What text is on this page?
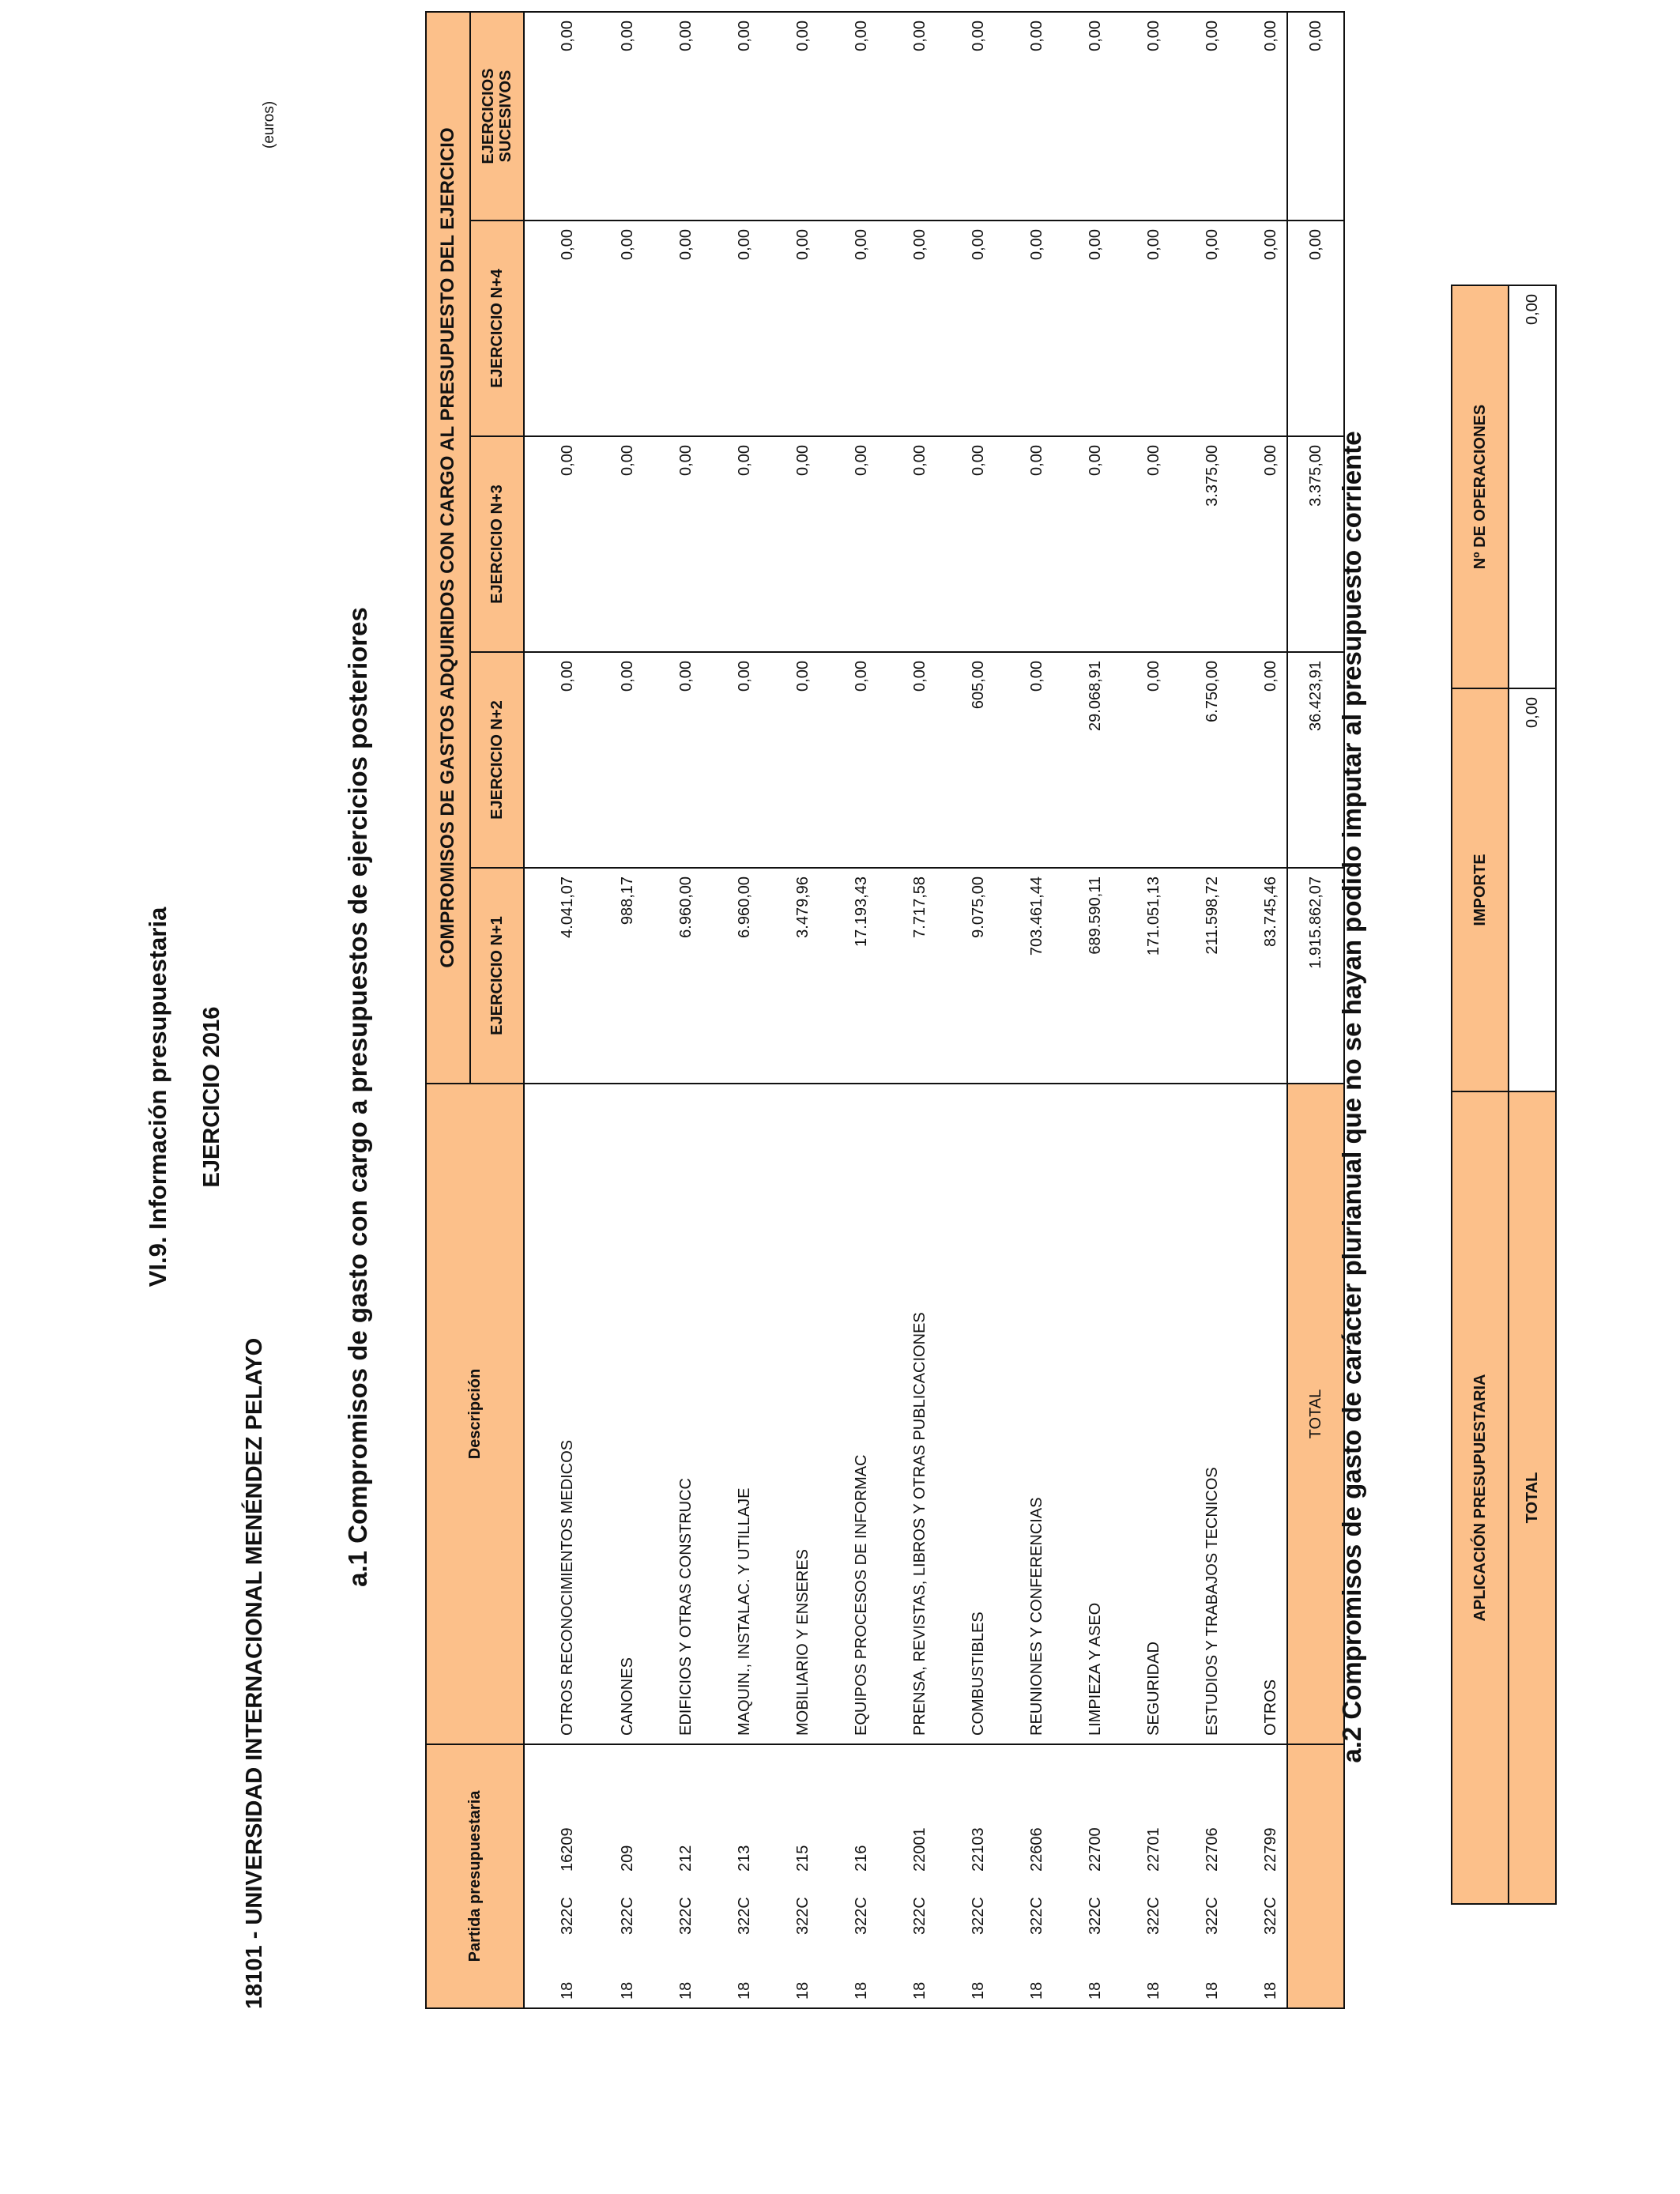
VI.9. Información presupuestaria EJERCICIO 2016
18101 - UNIVERSIDAD INTERNACIONAL MENÉNDEZ PELAYO
a.1 Compromisos de gasto con cargo a presupuestos de ejercicios posteriores
(euros)
Partida presupuestaria	Descripción	COMPROMISOS DE GASTOS ADQUIRIDOS CON CARGO AL PRESUPUESTO DEL EJERCICIO				
		EJERCICIO N+1	EJERCICIO N+2	EJERCICIO N+3	EJERCICIO N+4	EJERCICIOS SUCESIVOS
18322C16209	OTROS RECONOCIMIENTOS MEDICOS	4.041,07	0,00	0,00	0,00	0,00
18322C209	CANONES	988,17	0,00	0,00	0,00	0,00
18322C212	EDIFICIOS Y OTRAS CONSTRUCC	6.960,00	0,00	0,00	0,00	0,00
18322C213	MAQUIN., INSTALAC. Y UTILLAJE	6.960,00	0,00	0,00	0,00	0,00
18322C215	MOBILIARIO Y ENSERES	3.479,96	0,00	0,00	0,00	0,00
18322C216	EQUIPOS PROCESOS DE INFORMAC	17.193,43	0,00	0,00	0,00	0,00
18322C22001	PRENSA, REVISTAS, LIBROS Y OTRAS PUBLICACIONES	7.717,58	0,00	0,00	0,00	0,00
18322C22103	COMBUSTIBLES	9.075,00	605,00	0,00	0,00	0,00
18322C22606	REUNIONES Y CONFERENCIAS	703.461,44	0,00	0,00	0,00	0,00
18322C22700	LIMPIEZA Y ASEO	689.590,11	29.068,91	0,00	0,00	0,00
18322C22701	SEGURIDAD	171.051,13	0,00	0,00	0,00	0,00
18322C22706	ESTUDIOS Y TRABAJOS TECNICOS	211.598,72	6.750,00	3.375,00	0,00	0,00
18322C22799	OTROS	83.745,46	0,00	0,00	0,00	0,00
	TOTAL	1.915.862,07	36.423,91	3.375,00	0,00	0,00
a.2 Compromisos de gasto de carácter plurianual que no se hayan podido imputar al presupuesto corriente	APLICACIÓN PRESUPUESTARIA	IMPORTE	Nº DE OPERACIONES
TOTAL	0,00	0,00
